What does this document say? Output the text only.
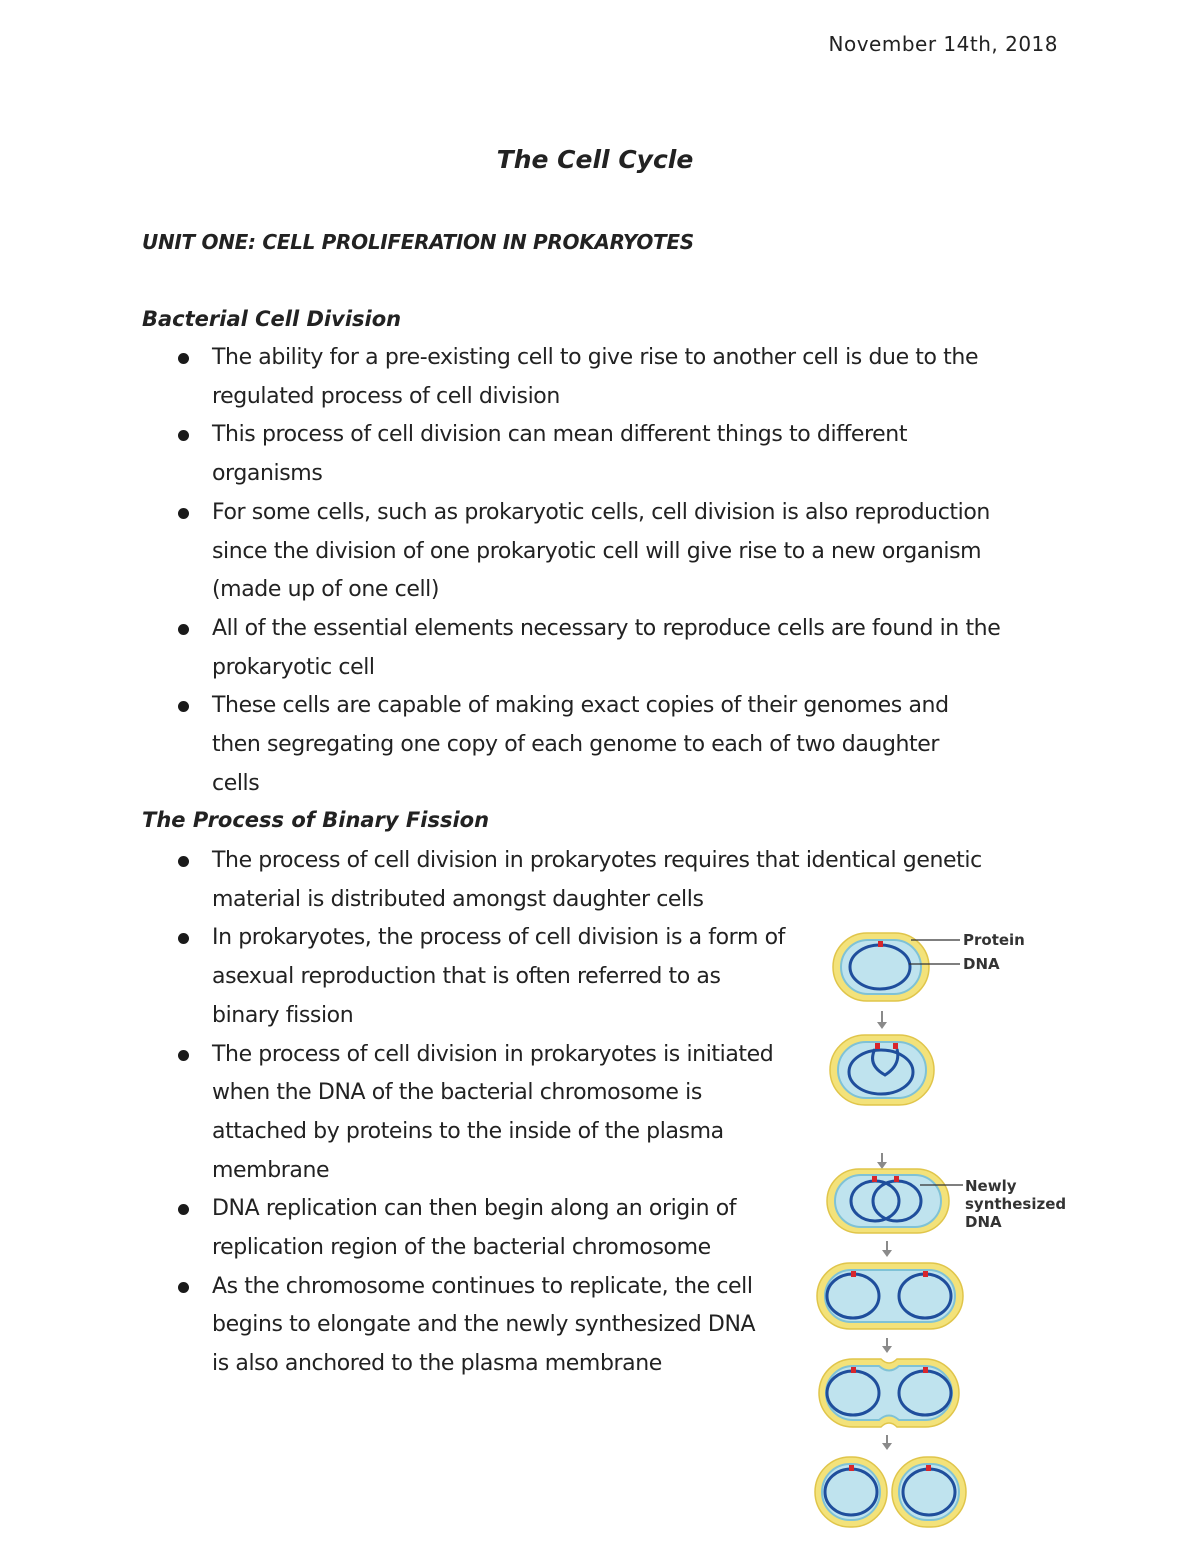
November 14th, 2018
The Cell Cycle
UNIT ONE: CELL PROLIFERATION IN PROKARYOTES
Bacterial Cell Division
The ability for a pre-existing cell to give rise to another cell is due to the
regulated process of cell division
This process of cell division can mean different things to different
organisms
For some cells, such as prokaryotic cells, cell division is also reproduction
since the division of one prokaryotic cell will give rise to a new organism
(made up of one cell)
All of the essential elements necessary to reproduce cells are found in the
prokaryotic cell
These cells are capable of making exact copies of their genomes and
then segregating one copy of each genome to each of two daughter
cells
The Process of Binary Fission
The process of cell division in prokaryotes requires that identical genetic
material is distributed amongst daughter cells
In prokaryotes, the process of cell division is a form of
asexual reproduction that is often referred to as
binary fission
The process of cell division in prokaryotes is initiated
when the DNA of the bacterial chromosome is
attached by proteins to the inside of the plasma
membrane
DNA replication can then begin along an origin of
replication region of the bacterial chromosome
As the chromosome continues to replicate, the cell
begins to elongate and the newly synthesized DNA
is also anchored to the plasma membrane
Protein
DNA
Newly
synthesized
DNA
